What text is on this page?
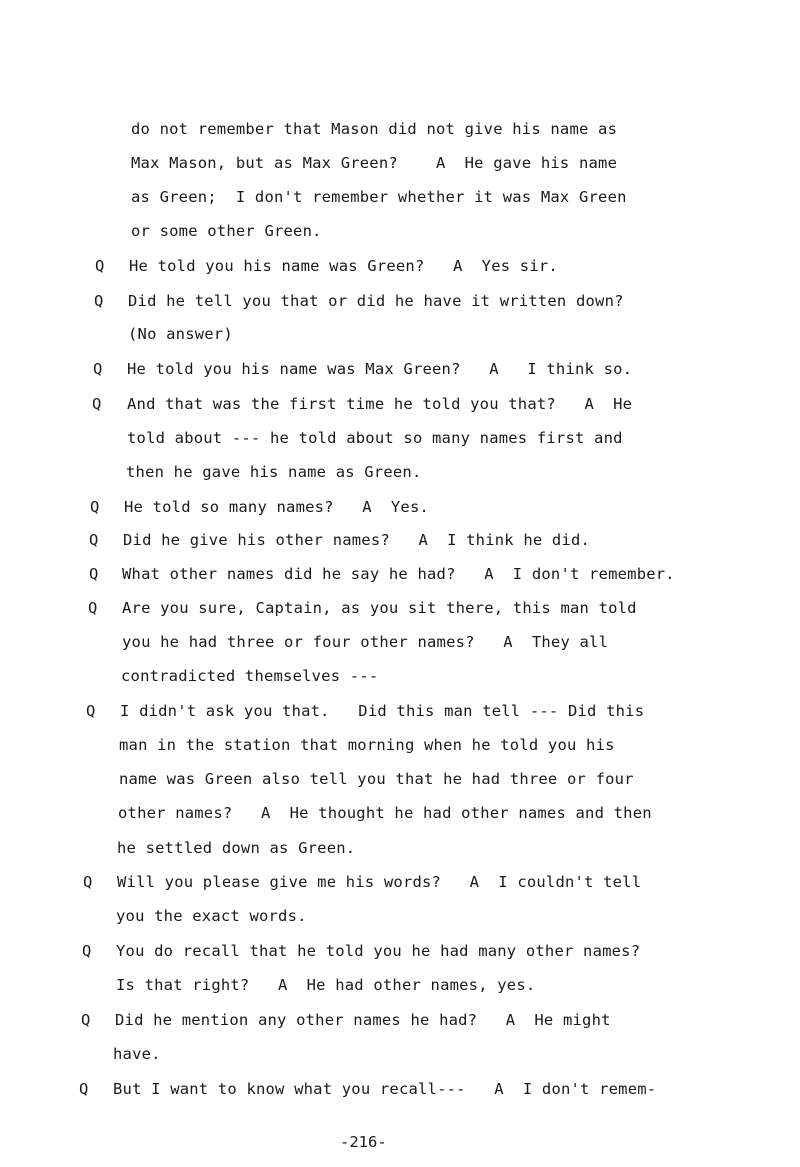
do not remember that Mason did not give his name as
Max Mason, but as Max Green?    A  He gave his name
as Green;  I don't remember whether it was Max Green
or some other Green.
Q He told you his name was Green?   A  Yes sir.
Q Did he tell you that or did he have it written down?
(No answer)
Q He told you his name was Max Green?   A   I think so.
Q And that was the first time he told you that?   A  He
told about --- he told about so many names first and
then he gave his name as Green.
Q He told so many names?   A  Yes.
Q Did he give his other names?   A  I think he did.
Q What other names did he say he had?   A  I don't remember.
Q Are you sure, Captain, as you sit there, this man told
you he had three or four other names?   A  They all
contradicted themselves ---
Q I didn't ask you that.   Did this man tell --- Did this
man in the station that morning when he told you his
name was Green also tell you that he had three or four
other names?   A  He thought he had other names and then
he settled down as Green.
Q Will you please give me his words?   A  I couldn't tell
you the exact words.
Q You do recall that he told you he had many other names?
Is that right?   A  He had other names, yes.
Q Did he mention any other names he had?   A  He might
have.
Q But I want to know what you recall---   A  I don't remem-
-216-
